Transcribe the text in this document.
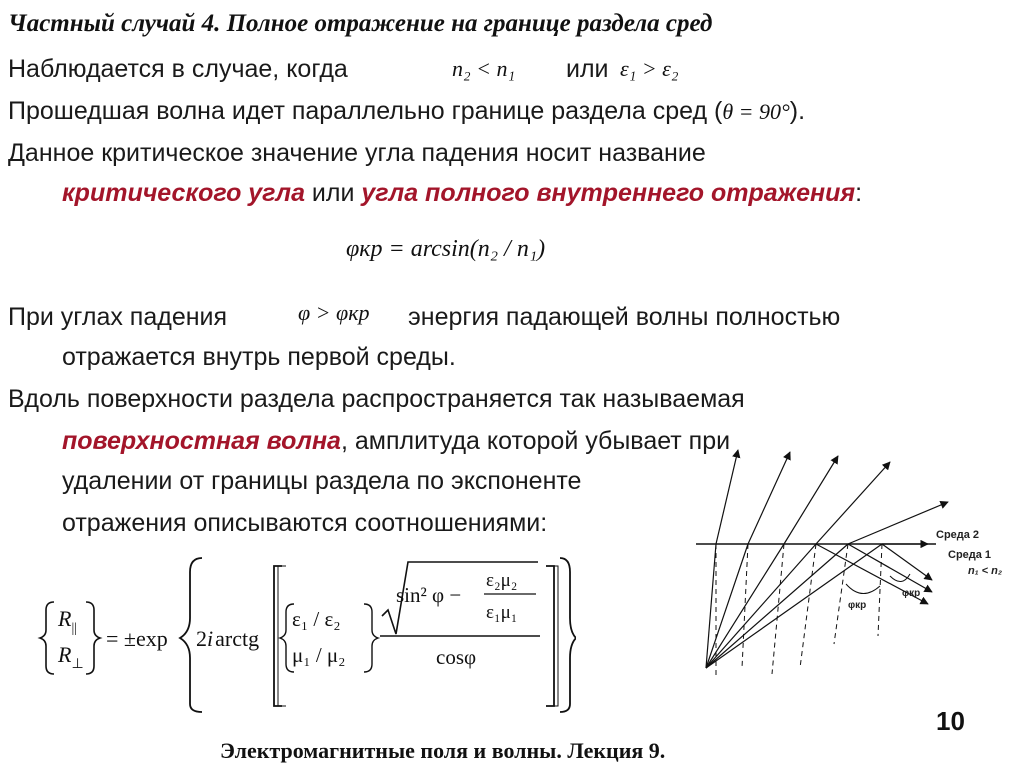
Частный случай 4. Полное отражение на границе раздела сред
Наблюдается в случае, когда	n₂ < n₁ или ε₁ > ε₂
Прошедшая волна идет параллельно границе раздела сред (θ = 90°).
Данное критическое значение угла падения носит название
критического угла или угла полного внутреннего отражения:
φкр = arcsin(n₂ / n₁)
При углах падения	φ > φкр энергия падающей волны полностью
отражается внутрь первой среды.
Вдоль поверхности раздела распространяется так называемая
поверхностная волна, амплитуда которой убывает при
удалении от границы раздела по экспоненте
отражения описываются соотношениями:
$R_{||}$
$R_\perp$
= ±exp 2iarctg
ε₁ / ε₂
μ₁ / μ₂
sin² φ −
ε₂μ₂
ε₁μ₁
cosφ
Среда 2
Среда 1
n₁ < n₂
φкр
φкр
10
Электромагнитные поля и волны. Лекция 9.
